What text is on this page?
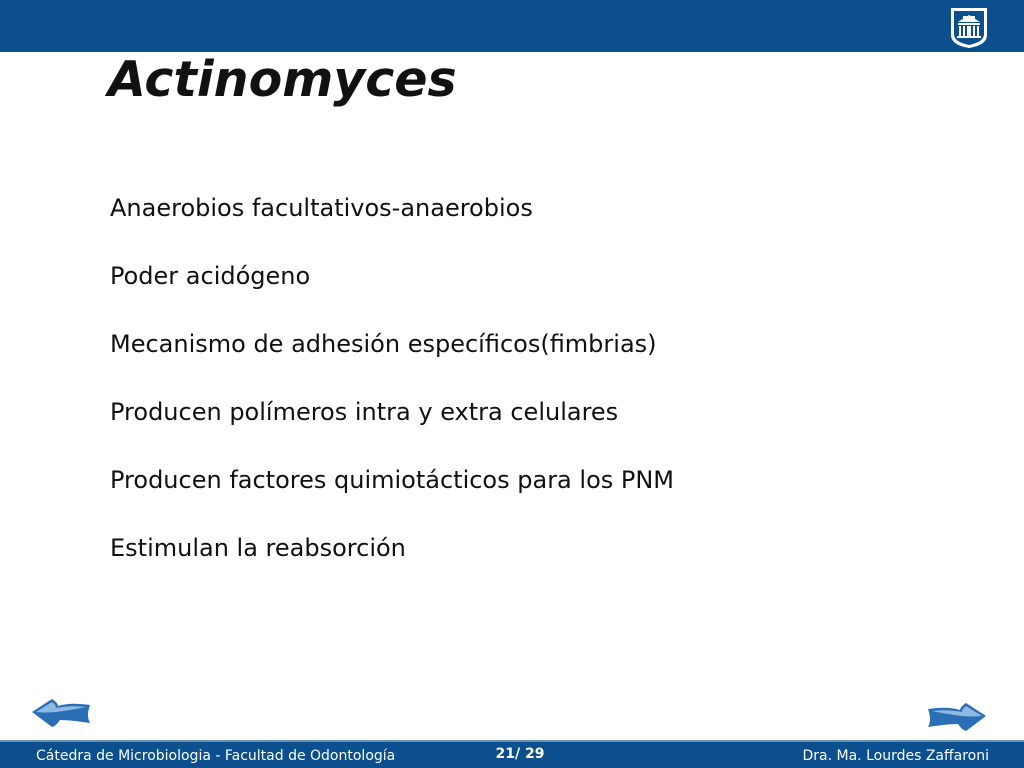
Actinomyces

Anaerobios facultativos-anaerobios

Poder acidógeno

Mecanismo de adhesión específicos(fimbrias)

Producen polímeros intra y extra celulares

Producen factores quimiotácticos para los PNM

Estimulan la reabsorción

Cátedra de Microbiologia - Facultad de Odontología	21/ 29	Dra. Ma. Lourdes Zaffaroni
